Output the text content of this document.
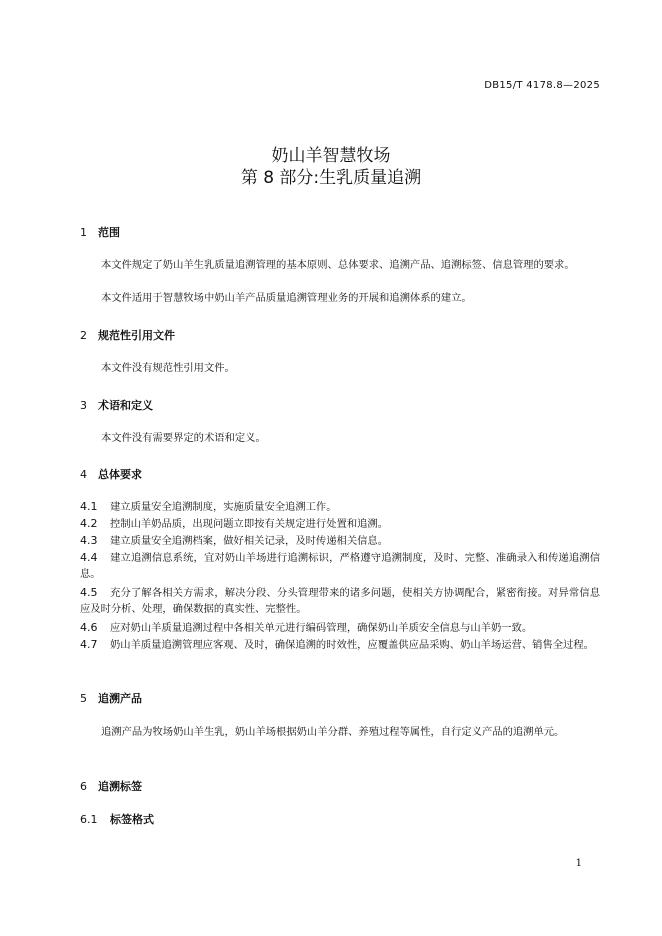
DB15/T 4178.8—2025
奶山羊智慧牧场
第 8 部分:生乳质量追溯
1 范围
本文件规定了奶山羊生乳质量追溯管理的基本原则、总体要求、追溯产品、追溯标签、信息管理的要求。
本文件适用于智慧牧场中奶山羊产品质量追溯管理业务的开展和追溯体系的建立。
2 规范性引用文件
本文件没有规范性引用文件。
3 术语和定义
本文件没有需要界定的术语和定义。
4 总体要求
4.1 建立质量安全追溯制度，实施质量安全追溯工作。
4.2 控制山羊奶品质，出现问题立即按有关规定进行处置和追溯。
4.3 建立质量安全追溯档案，做好相关记录，及时传递相关信息。
4.4 建立追溯信息系统，宜对奶山羊场进行追溯标识，严格遵守追溯制度，及时、完整、准确录入和传递追溯信息。
4.5 充分了解各相关方需求，解决分段、分头管理带来的诸多问题，使相关方协调配合，紧密衔接。对异常信息应及时分析、处理，确保数据的真实性、完整性。
4.6 应对奶山羊质量追溯过程中各相关单元进行编码管理，确保奶山羊质安全信息与山羊奶一致。
4.7 奶山羊质量追溯管理应客观、及时，确保追溯的时效性，应覆盖供应品采购、奶山羊场运营、销售全过程。
5 追溯产品
追溯产品为牧场奶山羊生乳，奶山羊场根据奶山羊分群、养殖过程等属性，自行定义产品的追溯单元。
6 追溯标签
6.1 标签格式
1
